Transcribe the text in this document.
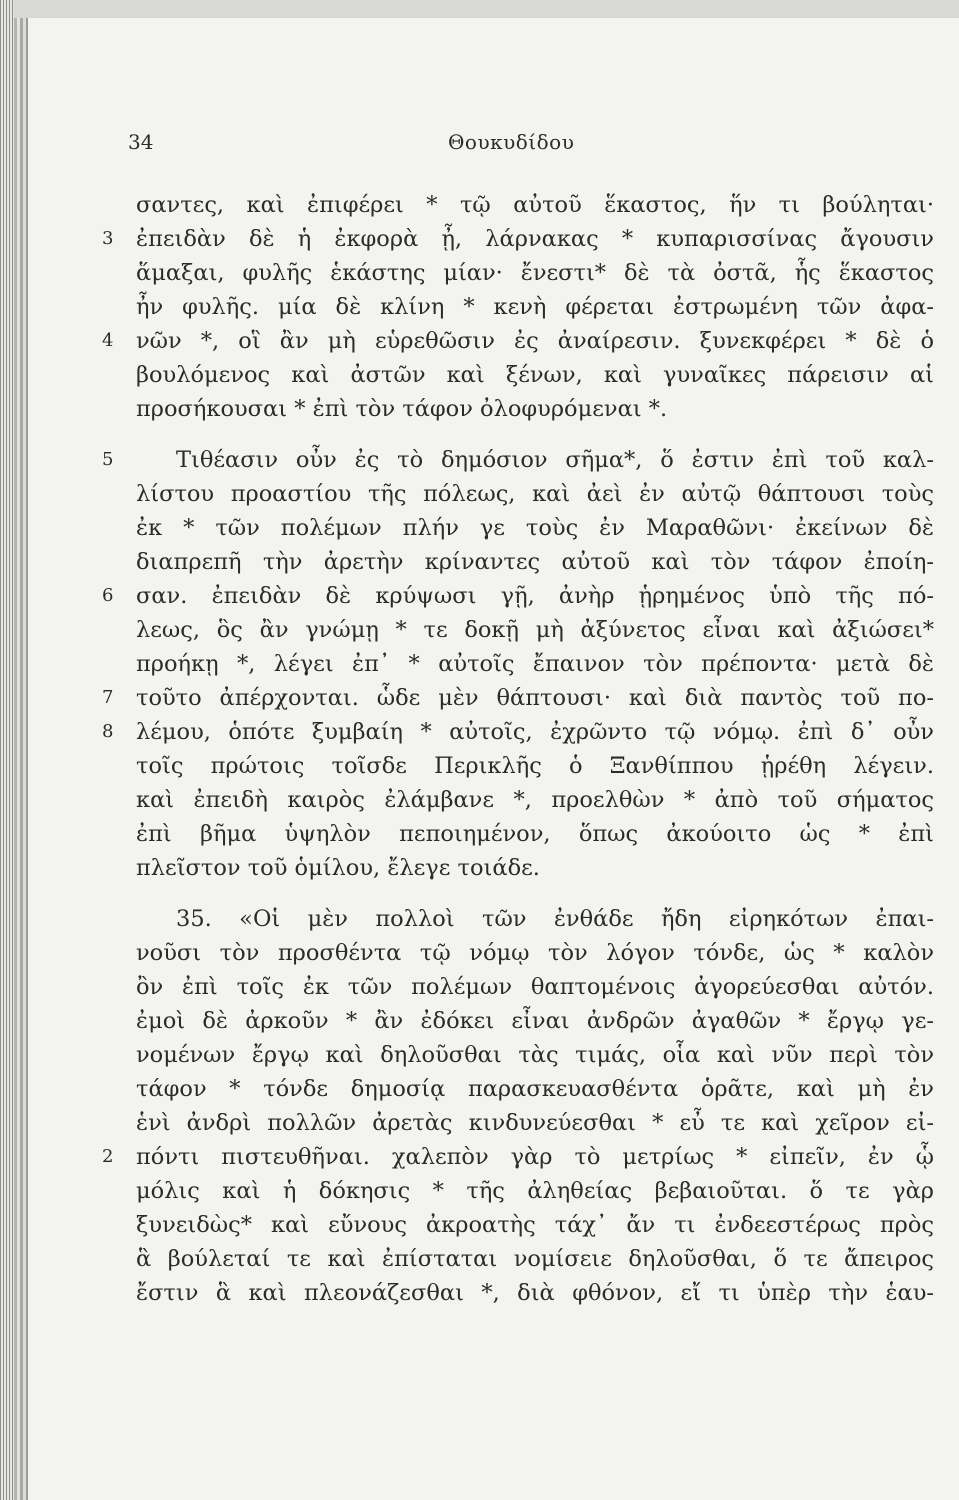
34	Θουκυδίδου
σαντες, καὶ ἐπιφέρει * τῷ αὐτοῦ ἕκαστος, ἥν τι βούληται·
3	ἐπειδὰν δὲ ἡ ἐκφορὰ ᾖ, λάρνακας * κυπαρισσίνας ἄγουσιν
ἅμαξαι, φυλῆς ἑκάστης μίαν· ἔνεστι* δὲ τὰ ὀστᾶ, ἧς ἕκαστος
ἦν φυλῆς. μία δὲ κλίνη * κενὴ φέρεται ἐστρωμένη τῶν ἀφα-
4	νῶν *, οἳ ἂν μὴ εὑρεθῶσιν ἐς ἀναίρεσιν. ξυνεκφέρει * δὲ ὁ
βουλόμενος καὶ ἀστῶν καὶ ξένων, καὶ γυναῖκες πάρεισιν αἱ
προσήκουσαι * ἐπὶ τὸν τάφον ὀλοφυρόμεναι *.
5	Τιθέασιν οὖν ἐς τὸ δημόσιον σῆμα*, ὅ ἐστιν ἐπὶ τοῦ καλ-
λίστου προαστίου τῆς πόλεως, καὶ ἀεὶ ἐν αὐτῷ θάπτουσι τοὺς
ἐκ * τῶν πολέμων πλήν γε τοὺς ἐν Μαραθῶνι· ἐκείνων δὲ
διαπρεπῆ τὴν ἀρετὴν κρίναντες αὐτοῦ καὶ τὸν τάφον ἐποίη-
6	σαν. ἐπειδὰν δὲ κρύψωσι γῇ, ἀνὴρ ᾑρημένος ὑπὸ τῆς πό-
λεως, ὃς ἂν γνώμῃ * τε δοκῇ μὴ ἀξύνετος εἶναι καὶ ἀξιώσει*
προήκῃ *, λέγει ἐπ᾽ * αὐτοῖς ἔπαινον τὸν πρέποντα· μετὰ δὲ
7	τοῦτο ἀπέρχονται. ὧδε μὲν θάπτουσι· καὶ διὰ παντὸς τοῦ πο-
8	λέμου, ὁπότε ξυμβαίη * αὐτοῖς, ἐχρῶντο τῷ νόμῳ. ἐπὶ δ᾽ οὖν
τοῖς πρώτοις τοῖσδε Περικλῆς ὁ Ξανθίππου ᾑρέθη λέγειν.
καὶ ἐπειδὴ καιρὸς ἐλάμβανε *, προελθὼν * ἀπὸ τοῦ σήματος
ἐπὶ βῆμα ὑψηλὸν πεποιημένον, ὅπως ἀκούοιτο ὡς * ἐπὶ
πλεῖστον τοῦ ὁμίλου, ἔλεγε τοιάδε.
35. «Οἱ μὲν πολλοὶ τῶν ἐνθάδε ἤδη εἰρηκότων ἐπαι-
νοῦσι τὸν προσθέντα τῷ νόμῳ τὸν λόγον τόνδε, ὡς * καλὸν
ὂν ἐπὶ τοῖς ἐκ τῶν πολέμων θαπτομένοις ἀγορεύεσθαι αὐτόν.
ἐμοὶ δὲ ἀρκοῦν * ἂν ἐδόκει εἶναι ἀνδρῶν ἀγαθῶν * ἔργῳ γε-
νομένων ἔργῳ καὶ δηλοῦσθαι τὰς τιμάς, οἷα καὶ νῦν περὶ τὸν
τάφον * τόνδε δημοσίᾳ παρασκευασθέντα ὁρᾶτε, καὶ μὴ ἐν
ἑνὶ ἀνδρὶ πολλῶν ἀρετὰς κινδυνεύεσθαι * εὖ τε καὶ χεῖρον εἰ-
2	πόντι πιστευθῆναι. χαλεπὸν γὰρ τὸ μετρίως * εἰπεῖν, ἐν ᾧ
μόλις καὶ ἡ δόκησις * τῆς ἀληθείας βεβαιοῦται. ὅ τε γὰρ
ξυνειδὼς* καὶ εὔνους ἀκροατὴς τάχ᾽ ἄν τι ἐνδεεστέρως πρὸς
ἃ βούλεταί τε καὶ ἐπίσταται νομίσειε δηλοῦσθαι, ὅ τε ἄπειρος
ἔστιν ἃ καὶ πλεονάζεσθαι *, διὰ φθόνον, εἴ τι ὑπὲρ τὴν ἑαυ-
